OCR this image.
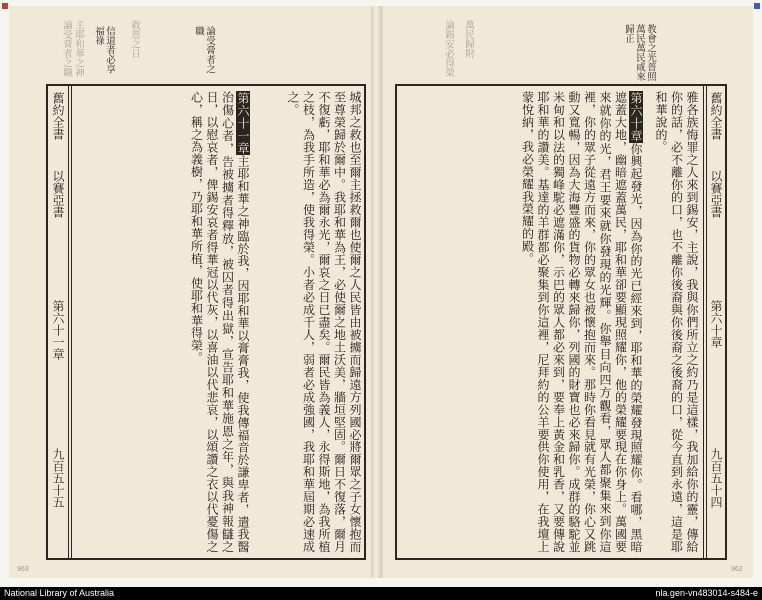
論受膏者之職 主耶和華之神	救恩之日
信道者必享福祿	論受膏者之職
九百五十五
第六十一章
舊約全書以賽亞書
第六十一章主耶和華之神臨於我，因耶和華以膏膏我，使我傳福音於謙卑者，遣我醫治傷心者，告被擄者得釋放，被囚者得出獄，宣告耶和華施恩之年，與我神報讎之日，以慰哀者，俾錫安哀者得華冠以代灰，以喜油以代悲哀，以頌讚之衣以代憂傷之心，稱之為義樹，乃耶和華所植，使耶和華得榮。	城邦之救也至爾主拯救爾也使爾之人民皆由被擄而歸遠方列國必將爾眾之子女懷抱而至尊榮歸於爾中。我耶和華為王，必使爾之地土沃美，牆垣堅固。爾日不復落，爾月不復虧，耶和華必為爾永光，爾哀之日已盡矣。爾民皆為義人，永得斯地，為我所植之枝，為我手所造，使我得榮。小者必成千人，弱者必成強國，我耶和華屆期必速成之。
963
論錫安必得榮 萬民歸附	教會之光普照萬民萬民咸來歸正
舊約全書以賽亞書
第六十章
九百五十四
第六十章你興起發光，因為你的光已經來到，耶和華的榮耀發現照耀你。看哪，黑暗遮蓋大地，幽暗遮蓋萬民，耶和華卻要顯現照耀你，他的榮耀要現在你身上。萬國要來就你的光，君王要來就你發現的光輝。你舉目向四方觀看，眾人都聚集來到你這裡，你的眾子從遠方而來，你的眾女也被懷抱而來。那時你看見就有光榮，你心又跳動又寬暢，因為大海豐盛的貨物必轉來歸你，列國的財寶也必來歸你。成群的駱駝並米甸和以法的獨峰駝必遮滿你，示巴的眾人都必來到，要奉上黃金和乳香，又要傳說耶和華的讚美。基達的羊群都必聚集到你這裡，尼拜約的公羊要供你使用，在我壇上蒙悅納，我必榮耀我榮耀的殿。	雅各族悔罪之人來到錫安，主說，我與你們所立之約乃是這樣，我加給你的靈，傳給你的話，必不離你的口，也不離你後裔與你後裔之後裔的口，從今直到永遠，這是耶和華說的。
962
National Library of Australia	nla.gen-vn483014-s484-e
